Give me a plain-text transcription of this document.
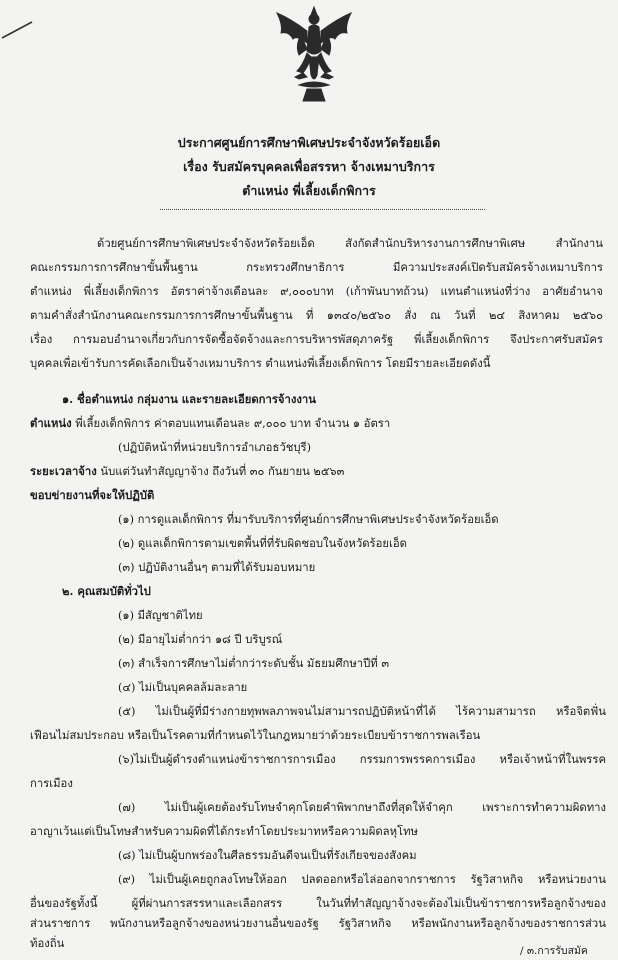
ประกาศศูนย์การศึกษาพิเศษประจำจังหวัดร้อยเอ็ด
เรื่อง รับสมัครบุคคลเพื่อสรรหา จ้างเหมาบริการ
ตำแหน่ง พี่เลี้ยงเด็กพิการ
ด้วยศูนย์การศึกษาพิเศษประจำจังหวัดร้อยเอ็ด สังกัดสำนักบริหารงานการศึกษาพิเศษ สำนักงาน
คณะกรรมการการศึกษาขั้นพื้นฐาน กระทรวงศึกษาธิการ มีความประสงค์เปิดรับสมัครจ้างเหมาบริการ
ตำแหน่ง พี่เลี้ยงเด็กพิการ อัตราค่าจ้างเดือนละ ๙,๐๐๐บาท (เก้าพันบาทถ้วน) แทนตำแหน่งที่ว่าง อาศัยอำนาจ
ตามคำสั่งสำนักงานคณะกรรมการการศึกษาขั้นพื้นฐาน ที่ ๑๓๔๐/๒๕๖๐ สั่ง ณ วันที่ ๒๔ สิงหาคม ๒๕๖๐
เรื่อง การมอบอำนาจเกี่ยวกับการจัดซื้อจัดจ้างและการบริหารพัสดุภาครัฐ พี่เลี้ยงเด็กพิการ จึงประกาศรับสมัคร
บุคคลเพื่อเข้ารับการคัดเลือกเป็นจ้างเหมาบริการ ตำแหน่งพี่เลี้ยงเด็กพิการ โดยมีรายละเอียดดังนี้
๑. ชื่อตำแหน่ง กลุ่มงาน และรายละเอียดการจ้างงาน
ตำแหน่ง พี่เลี้ยงเด็กพิการ ค่าตอบแทนเดือนละ ๙,๐๐๐ บาท จำนวน ๑ อัตรา
(ปฏิบัติหน้าที่หน่วยบริการอำเภอธวัชบุรี)
ระยะเวลาจ้าง นับแต่วันทำสัญญาจ้าง ถึงวันที่ ๓๐ กันยายน ๒๕๖๓
ขอบข่ายงานที่จะให้ปฏิบัติ
(๑) การดูแลเด็กพิการ ที่มารับบริการที่ศูนย์การศึกษาพิเศษประจำจังหวัดร้อยเอ็ด
(๒) ดูแลเด็กพิการตามเขตพื้นที่ที่รับผิดชอบในจังหวัดร้อยเอ็ด
(๓) ปฏิบัติงานอื่นๆ ตามที่ได้รับมอบหมาย
๒. คุณสมบัติทั่วไป
(๑) มีสัญชาติไทย
(๒) มีอายุไม่ต่ำกว่า ๑๘ ปี บริบูรณ์
(๓) สำเร็จการศึกษาไม่ต่ำกว่าระดับชั้น มัธยมศึกษาปีที่ ๓
(๔) ไม่เป็นบุคคลล้มละลาย
(๕) ไม่เป็นผู้ที่มีร่างกายทุพพลภาพจนไม่สามารถปฏิบัติหน้าที่ได้ ไร้ความสามารถ หรือจิตฟั่น
เฟือนไม่สมประกอบ หรือเป็นโรคตามที่กำหนดไว้ในกฎหมายว่าด้วยระเบียบข้าราชการพลเรือน
(๖)ไม่เป็นผู้ดำรงตำแหน่งข้าราชการการเมือง กรรมการพรรคการเมือง หรือเจ้าหน้าที่ในพรรค
การเมือง
(๗) ไม่เป็นผู้เคยต้องรับโทษจำคุกโดยคำพิพากษาถึงที่สุดให้จำคุก เพราะการทำความผิดทาง
อาญาเว้นแต่เป็นโทษสำหรับความผิดที่ได้กระทำโดยประมาทหรือความผิดลหุโทษ
(๘) ไม่เป็นผู้บกพร่องในศีลธรรมอันดีจนเป็นที่รังเกียจของสังคม
(๙) ไม่เป็นผู้เคยถูกลงโทษให้ออก ปลดออกหรือไล่ออกจากราชการ รัฐวิสาหกิจ หรือหน่วยงาน
อื่นของรัฐทั้งนี้ ผู้ที่ผ่านการสรรหาและเลือกสรร ในวันที่ทำสัญญาจ้างจะต้องไม่เป็นข้าราชการหรือลูกจ้างของ
ส่วนราชการ พนักงานหรือลูกจ้างของหน่วยงานอื่นของรัฐ รัฐวิสาหกิจ หรือพนักงานหรือลูกจ้างของราชการส่วน
ท้องถิ่น
/ ๓.การรับสมัค
